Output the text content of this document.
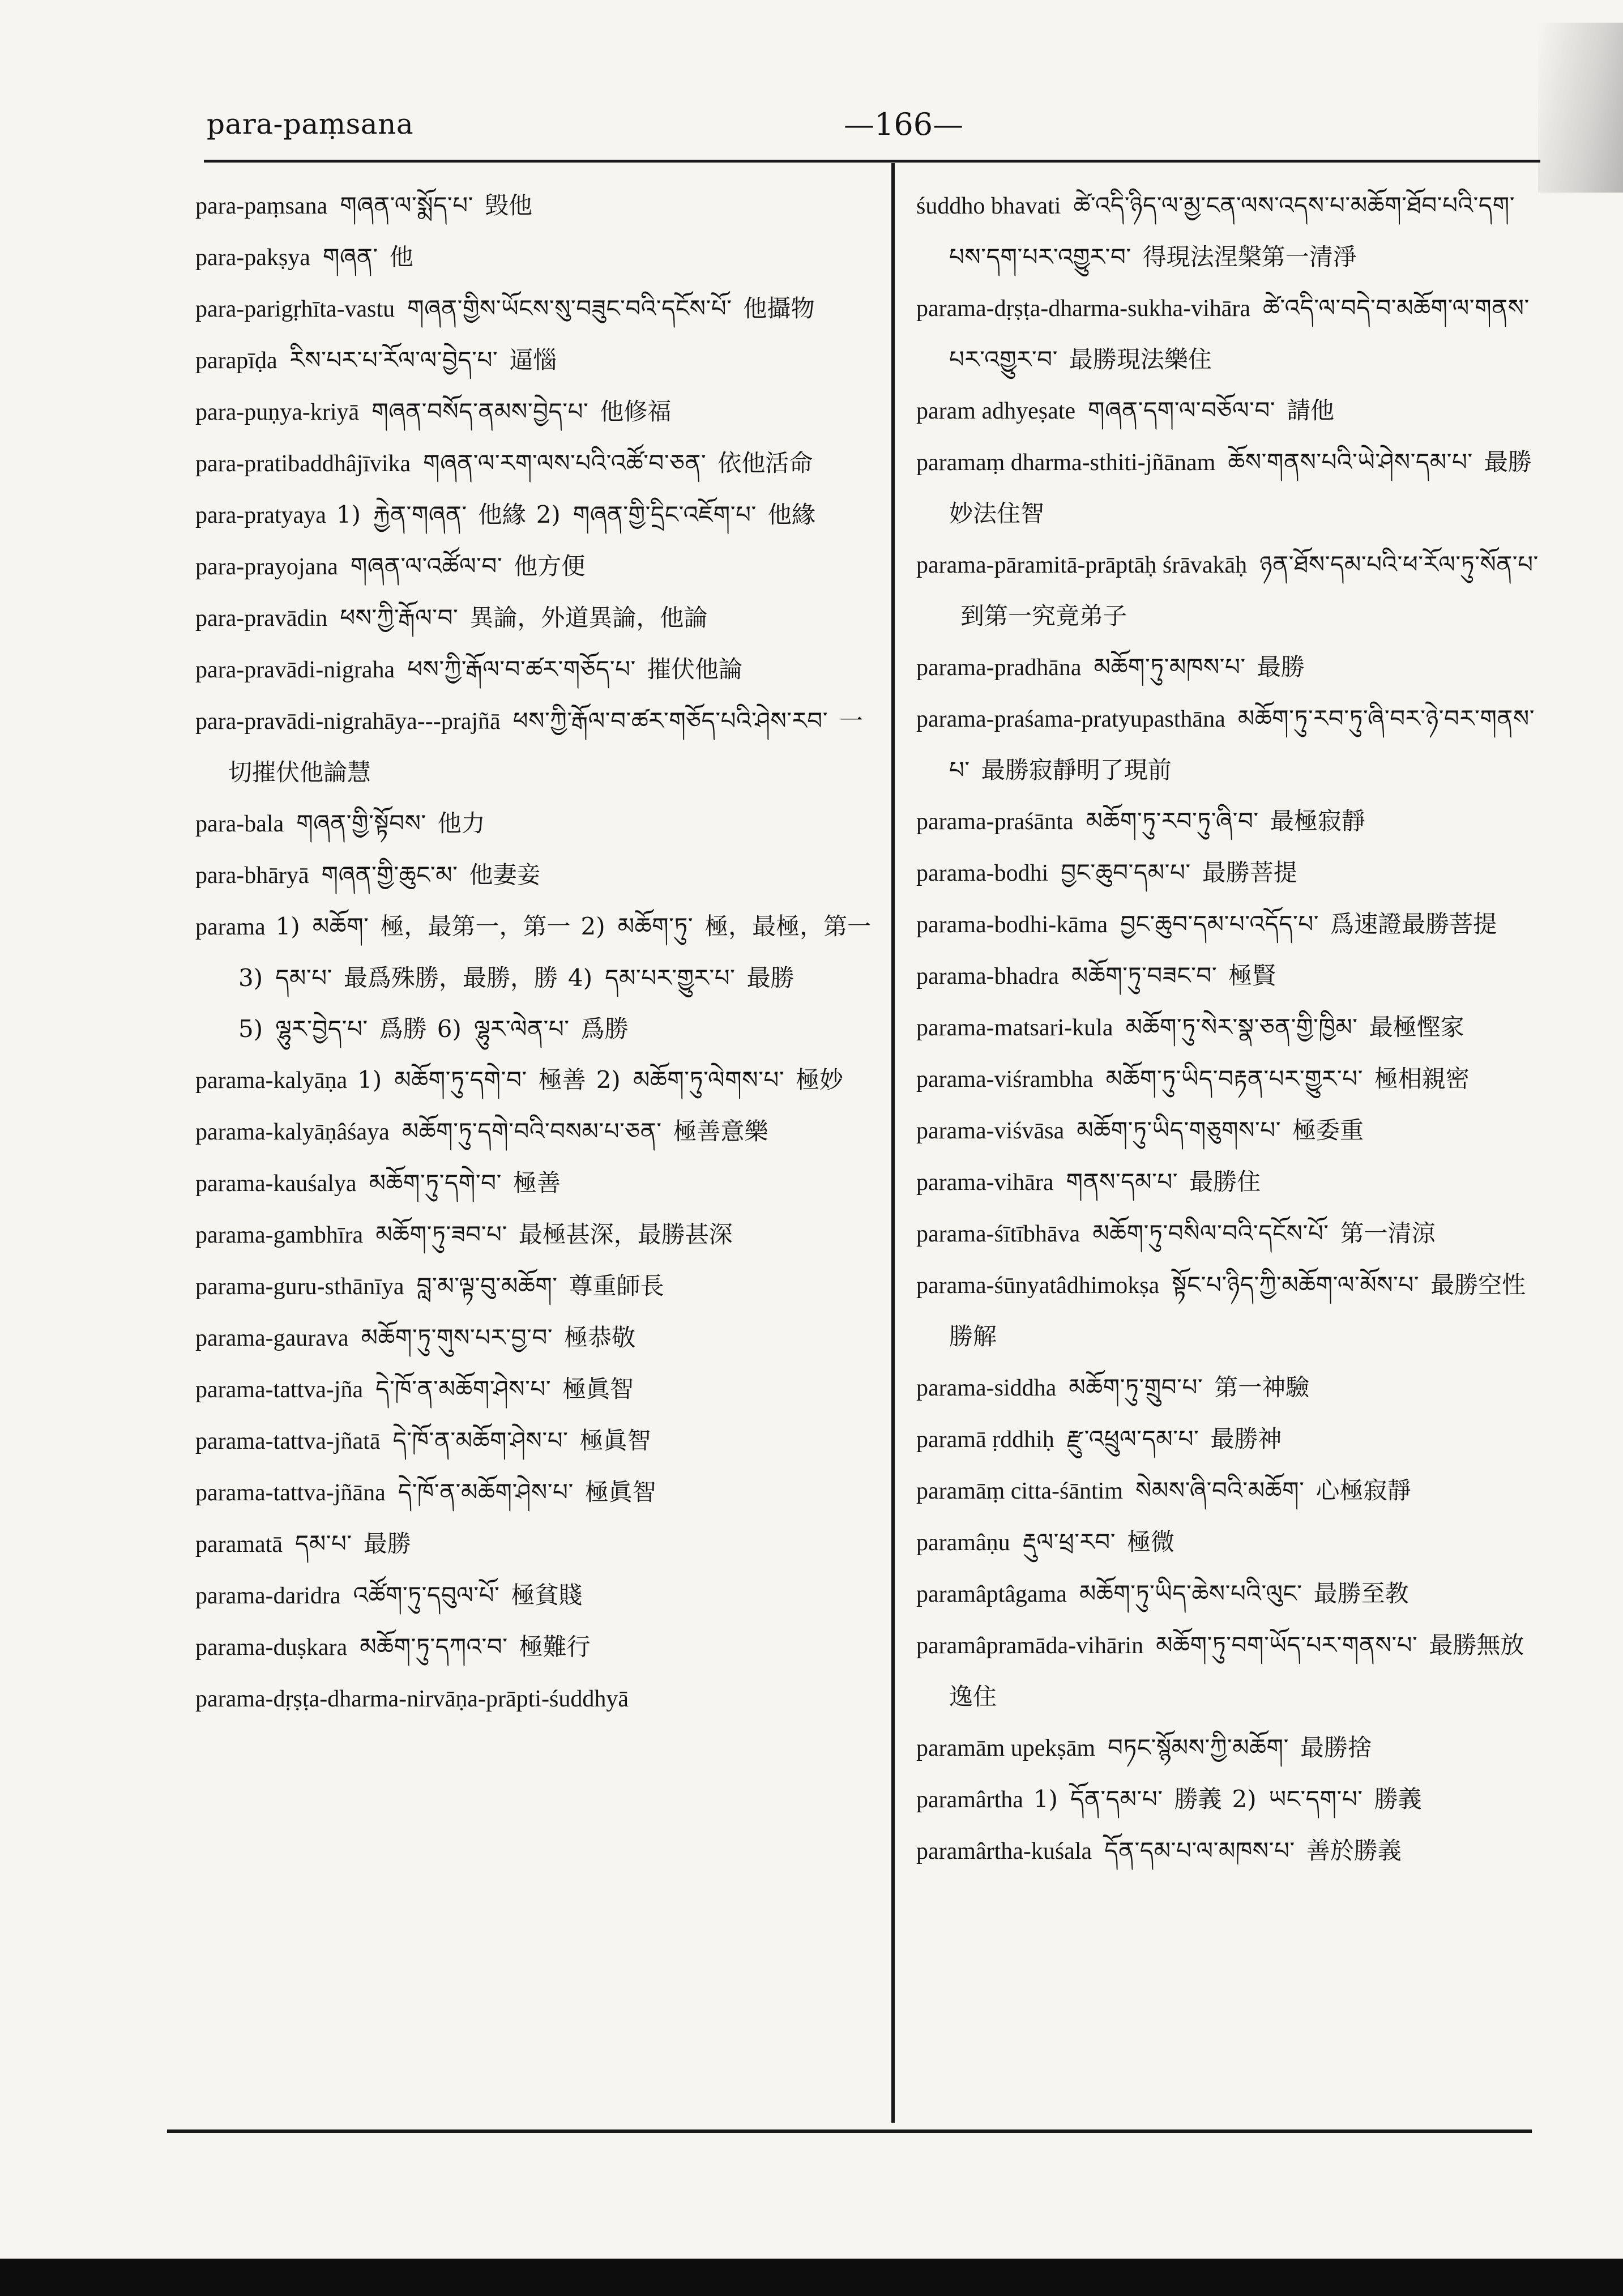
para-paṃsana	—166—

para-paṃsana གཞན་ལ་སྨོད་པ་ 毁他

para-pakṣya གཞན་ 他

para-parigṛhīta-vastu གཞན་གྱིས་ཡོངས་སུ་བཟུང་བའི་དངོས་པོ་ 他攝物

parapīḍa རིས་པར་པ་རོལ་ལ་བྱེད་པ་ 逼惱

para-puṇya-kriyā གཞན་བསོད་ནམས་བྱེད་པ་ 他修福

para-pratibaddhâjīvika གཞན་ལ་རག་ལས་པའི་འཚོ་བ་ཅན་ 依他活命

para-pratyaya 1) རྐྱེན་གཞན་ 他緣 2) གཞན་གྱི་དྲིང་འཇོག་པ་ 他緣

para-prayojana གཞན་ལ་འཚོལ་བ་ 他方便

para-pravādin ཕས་ཀྱི་རྒོལ་བ་ 異論，外道異論，他論

para-pravādi-nigraha ཕས་ཀྱི་རྒོལ་བ་ཚར་གཅོད་པ་ 摧伏他論

para-pravādi-nigrahāya---prajñā ཕས་ཀྱི་རྒོལ་བ་ཚར་གཅོད་པའི་ཤེས་རབ་ 一切摧伏他論慧

para-bala གཞན་གྱི་སྟོབས་ 他力

para-bhāryā གཞན་གྱི་ཆུང་མ་ 他妻妾

parama 1) མཆོག་ 極，最第一，第一 2) མཆོག་ཏུ་ 極，最極，第一3) དམ་པ་ 最爲殊勝，最勝，勝 4) དམ་པར་གྱུར་པ་ 最勝5) ལྷུར་བྱེད་པ་ 爲勝 6) ལྷུར་ལེན་པ་ 爲勝

parama-kalyāṇa 1) མཆོག་ཏུ་དགེ་བ་ 極善 2) མཆོག་ཏུ་ལེགས་པ་ 極妙

parama-kalyāṇâśaya མཆོག་ཏུ་དགེ་བའི་བསམ་པ་ཅན་ 極善意樂

parama-kauśalya མཆོག་ཏུ་དགེ་བ་ 極善

parama-gambhīra མཆོག་ཏུ་ཟབ་པ་ 最極甚深，最勝甚深

parama-guru-sthānīya བླ་མ་ལྟ་བུ་མཆོག་ 尊重師長

parama-gaurava མཆོག་ཏུ་གུས་པར་བྱ་བ་ 極恭敬

parama-tattva-jña དེ་ཁོ་ན་མཆོག་ཤེས་པ་ 極眞智

parama-tattva-jñatā དེ་ཁོ་ན་མཆོག་ཤེས་པ་ 極眞智

parama-tattva-jñāna དེ་ཁོ་ན་མཆོག་ཤེས་པ་ 極眞智

paramatā དམ་པ་ 最勝

parama-daridra འཚོག་ཏུ་དབུལ་པོ་ 極貧賤

parama-duṣkara མཆོག་ཏུ་དཀའ་བ་ 極難行

parama-dṛṣṭa-dharma-nirvāṇa-prāpti-śuddhyā

śuddho bhavati ཚེ་འདི་ཉིད་ལ་མྱ་ངན་ལས་འདས་པ་མཆོག་ཐོབ་པའི་དག་པས་དག་པར་འགྱུར་བ་ 得現法涅槃第一清淨

parama-dṛṣṭa-dharma-sukha-vihāra ཚེ་འདི་ལ་བདེ་བ་མཆོག་ལ་གནས་པར་འགྱུར་བ་ 最勝現法樂住

param adhyeṣate གཞན་དག་ལ་བཅོལ་བ་ 請他

paramaṃ dharma-sthiti-jñānam ཆོས་གནས་པའི་ཡེ་ཤེས་དམ་པ་ 最勝妙法住智

parama-pāramitā-prāptāḥ śrāvakāḥ ཉན་ཐོས་དམ་པའི་ཕ་རོལ་ཏུ་སོན་པ་到第一究竟弟子

parama-pradhāna མཆོག་ཏུ་མཁས་པ་ 最勝

parama-praśama-pratyupasthāna མཆོག་ཏུ་རབ་ཏུ་ཞི་བར་ཉེ་བར་གནས་པ་ 最勝寂靜明了現前

parama-praśānta མཆོག་ཏུ་རབ་ཏུ་ཞི་བ་ 最極寂靜

parama-bodhi བྱང་ཆུབ་དམ་པ་ 最勝菩提

parama-bodhi-kāma བྱང་ཆུབ་དམ་པ་འདོད་པ་ 爲速證最勝菩提

parama-bhadra མཆོག་ཏུ་བཟང་བ་ 極賢

parama-matsari-kula མཆོག་ཏུ་སེར་སྣ་ཅན་གྱི་ཁྱིམ་ 最極慳家

parama-viśrambha མཆོག་ཏུ་ཡིད་བརྟན་པར་གྱུར་པ་ 極相親密

parama-viśvāsa མཆོག་ཏུ་ཡིད་གཅུགས་པ་ 極委重

parama-vihāra གནས་དམ་པ་ 最勝住

parama-śītībhāva མཆོག་ཏུ་བསིལ་བའི་དངོས་པོ་ 第一清涼

parama-śūnyatâdhimokṣa སྟོང་པ་ཉིད་ཀྱི་མཆོག་ལ་མོས་པ་ 最勝空性勝解

parama-siddha མཆོག་ཏུ་གྲུབ་པ་ 第一神驗

paramā ṛddhiḥ རྫུ་འཕྲུལ་དམ་པ་ 最勝神

paramāṃ citta-śāntim སེམས་ཞི་བའི་མཆོག་ 心極寂靜

paramâṇu རྡུལ་ཕྲ་རབ་ 極微

paramâptâgama མཆོག་ཏུ་ཡིད་ཆེས་པའི་ལུང་ 最勝至教

paramâpramāda-vihārin མཆོག་ཏུ་བག་ཡོད་པར་གནས་པ་ 最勝無放逸住

paramām upekṣām བཏང་སྙོམས་ཀྱི་མཆོག་ 最勝捨

paramârtha 1) དོན་དམ་པ་ 勝義 2) ཡང་དག་པ་ 勝義

paramârtha-kuśala དོན་དམ་པ་ལ་མཁས་པ་ 善於勝義
